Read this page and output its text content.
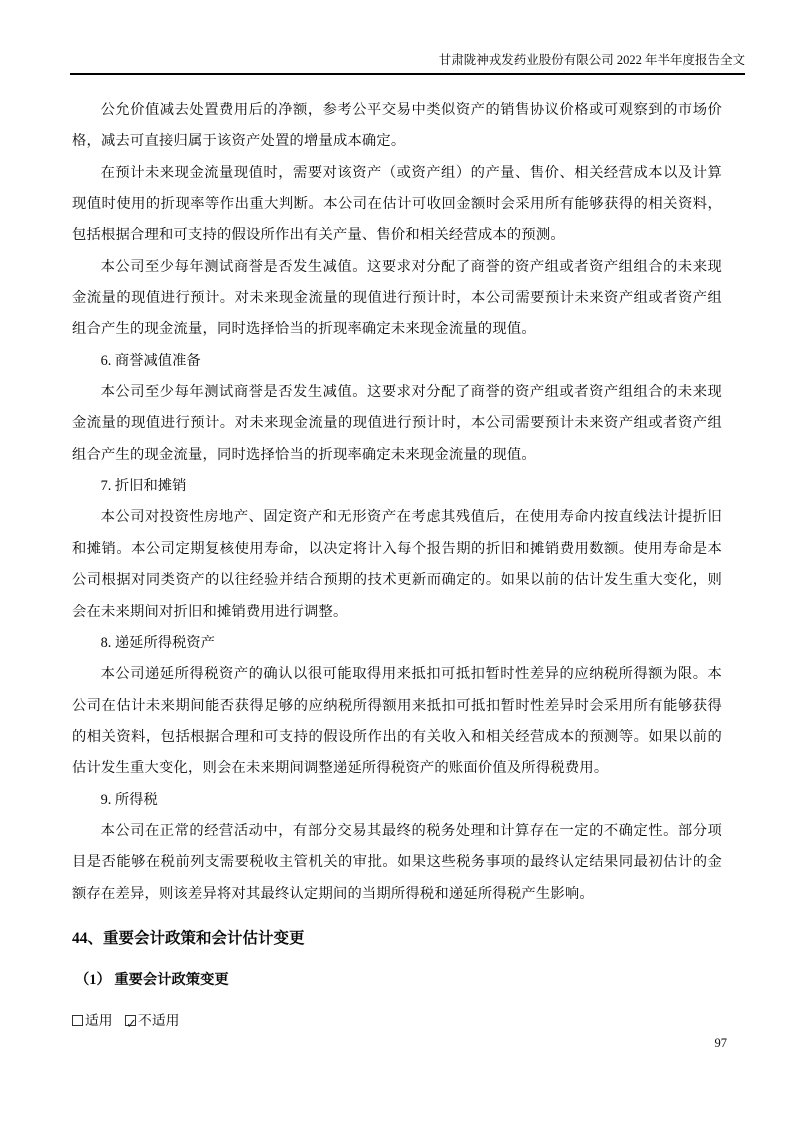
甘肃陇神戎发药业股份有限公司 2022 年半年度报告全文

公允价值减去处置费用后的净额，参考公平交易中类似资产的销售协议价格或可观察到的市场价格，减去可直接归属于该资产处置的增量成本确定。

在预计未来现金流量现值时，需要对该资产（或资产组）的产量、售价、相关经营成本以及计算现值时使用的折现率等作出重大判断。本公司在估计可收回金额时会采用所有能够获得的相关资料，包括根据合理和可支持的假设所作出有关产量、售价和相关经营成本的预测。

本公司至少每年测试商誉是否发生减值。这要求对分配了商誉的资产组或者资产组组合的未来现金流量的现值进行预计。对未来现金流量的现值进行预计时，本公司需要预计未来资产组或者资产组组合产生的现金流量，同时选择恰当的折现率确定未来现金流量的现值。

6. 商誉减值准备

本公司至少每年测试商誉是否发生减值。这要求对分配了商誉的资产组或者资产组组合的未来现金流量的现值进行预计。对未来现金流量的现值进行预计时，本公司需要预计未来资产组或者资产组组合产生的现金流量，同时选择恰当的折现率确定未来现金流量的现值。

7. 折旧和摊销

本公司对投资性房地产、固定资产和无形资产在考虑其残值后，在使用寿命内按直线法计提折旧和摊销。本公司定期复核使用寿命，以决定将计入每个报告期的折旧和摊销费用数额。使用寿命是本公司根据对同类资产的以往经验并结合预期的技术更新而确定的。如果以前的估计发生重大变化，则会在未来期间对折旧和摊销费用进行调整。

8. 递延所得税资产

本公司递延所得税资产的确认以很可能取得用来抵扣可抵扣暂时性差异的应纳税所得额为限。本公司在估计未来期间能否获得足够的应纳税所得额用来抵扣可抵扣暂时性差异时会采用所有能够获得的相关资料，包括根据合理和可支持的假设所作出的有关收入和相关经营成本的预测等。如果以前的估计发生重大变化，则会在未来期间调整递延所得税资产的账面价值及所得税费用。

9. 所得税

本公司在正常的经营活动中，有部分交易其最终的税务处理和计算存在一定的不确定性。部分项目是否能够在税前列支需要税收主管机关的审批。如果这些税务事项的最终认定结果同最初估计的金额存在差异，则该差异将对其最终认定期间的当期所得税和递延所得税产生影响。

44、重要会计政策和会计估计变更
（1） 重要会计政策变更
适用 ✓ 不适用
97
